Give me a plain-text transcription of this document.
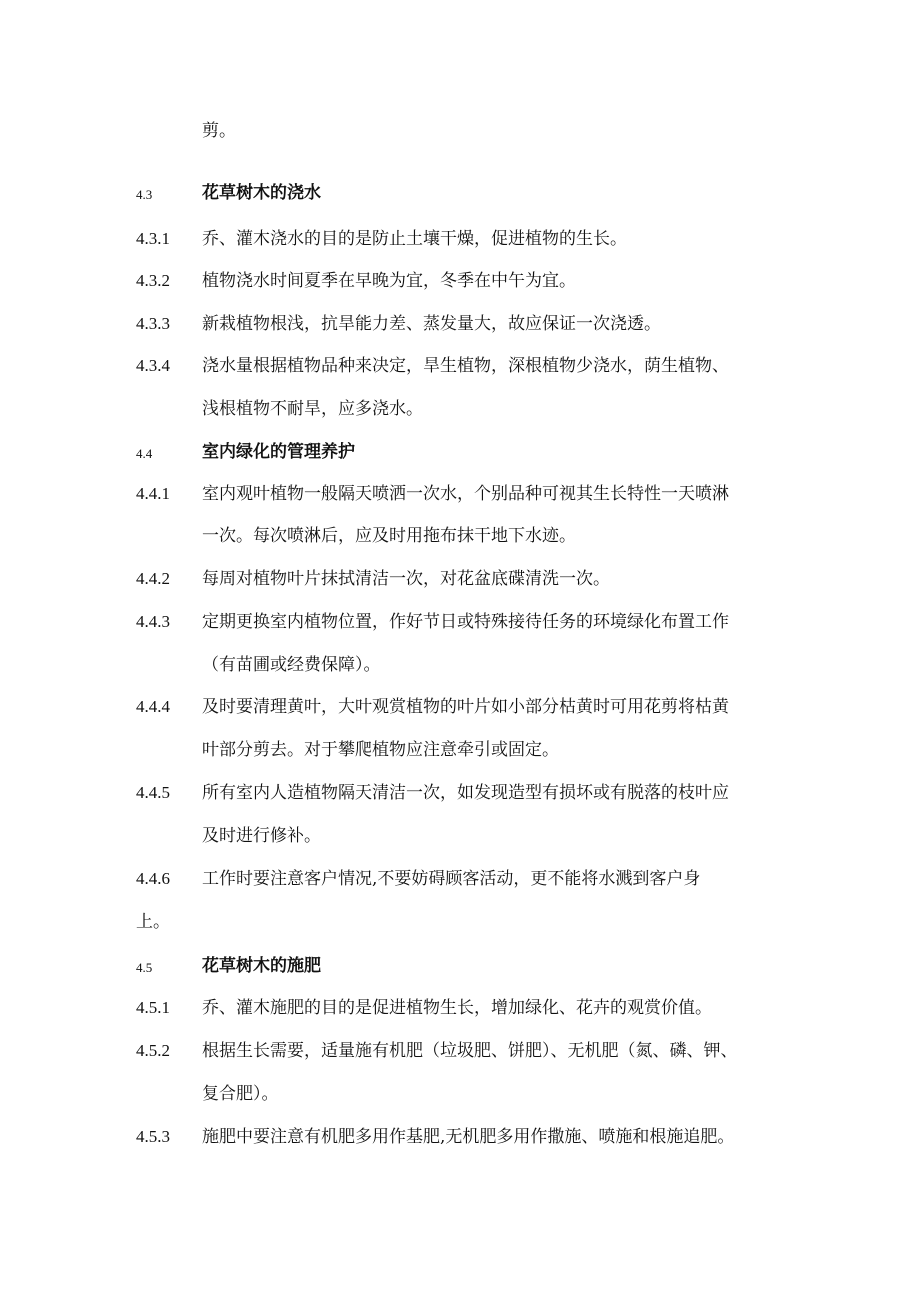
剪。
4.3	花草树木的浇水
4.3.1 乔、灌木浇水的目的是防止土壤干燥，促进植物的生长。
4.3.2 植物浇水时间夏季在早晚为宜，冬季在中午为宜。
4.3.3 新栽植物根浅，抗旱能力差、蒸发量大，故应保证一次浇透。
4.3.4 浇水量根据植物品种来决定，旱生植物，深根植物少浇水，荫生植物、
浅根植物不耐旱，应多浇水。
4.4	室内绿化的管理养护
4.4.1 室内观叶植物一般隔天喷洒一次水，个别品种可视其生长特性一天喷淋
一次。每次喷淋后，应及时用拖布抹干地下水迹。
4.4.2 每周对植物叶片抹拭清洁一次，对花盆底碟清洗一次。
4.4.3 定期更换室内植物位置，作好节日或特殊接待任务的环境绿化布置工作
（有苗圃或经费保障）。
4.4.4 及时要清理黄叶，大叶观赏植物的叶片如小部分枯黄时可用花剪将枯黄
叶部分剪去。对于攀爬植物应注意牵引或固定。
4.4.5 所有室内人造植物隔天清洁一次，如发现造型有损坏或有脱落的枝叶应
及时进行修补。
4.4.6 工作时要注意客户情况,不要妨碍顾客活动，更不能将水溅到客户身
上。
4.5	花草树木的施肥
4.5.1 乔、灌木施肥的目的是促进植物生长，增加绿化、花卉的观赏价值。
4.5.2 根据生长需要，适量施有机肥（垃圾肥、饼肥）、无机肥（氮、磷、钾、
复合肥）。
4.5.3 施肥中要注意有机肥多用作基肥,无机肥多用作撒施、喷施和根施追肥。
